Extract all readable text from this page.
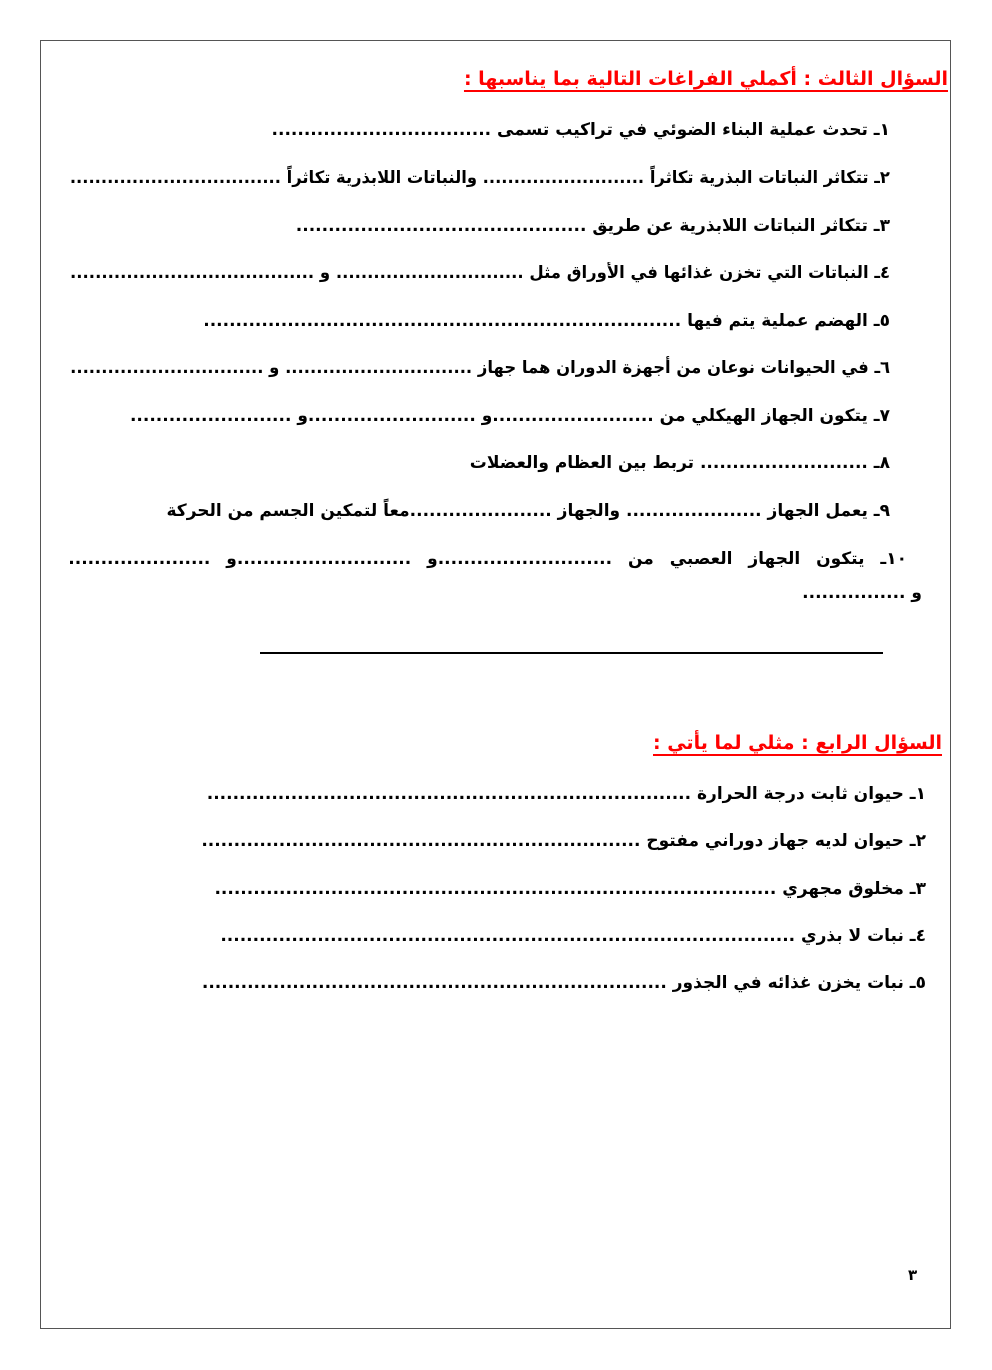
السؤال الثالث : أكملي الفراغات التالية بما يناسبها :
١ـ تحدث عملية البناء الضوئي في تراكيب تسمى ..................................
٢ـ تتكاثر النباتات البذرية تكاثراً .......................... والنباتات اللابذرية تكاثراً ..................................
٣ـ تتكاثر النباتات اللابذرية عن طريق .............................................
٤ـ النباتات التي تخزن غذائها في الأوراق مثل .............................. و .......................................
٥ـ الهضم عملية يتم فيها ..........................................................................
٦ـ في الحيوانات نوعان من أجهزة الدوران هما جهاز .............................. و ...............................
٧ـ يتكون الجهاز الهيكلي من .........................و ..........................و .........................
٨ـ .......................... تربط بين العظام والعضلات
٩ـ يعمل الجهاز ..................... والجهاز ......................معاً لتمكين الجسم من الحركة
١٠ـ يتكون الجهاز العصبي من ...........................و ...........................و ......................
و ................
السؤال الرابع : مثلي لما يأتي :
١ـ حيوان ثابت درجة الحرارة ...........................................................................
٢ـ حيوان لديه جهاز دوراني مفتوح ....................................................................
٣ـ مخلوق مجهري .......................................................................................
٤ـ نبات لا بذري .........................................................................................
٥ـ نبات يخزن غذائه في الجذور ........................................................................
٣
